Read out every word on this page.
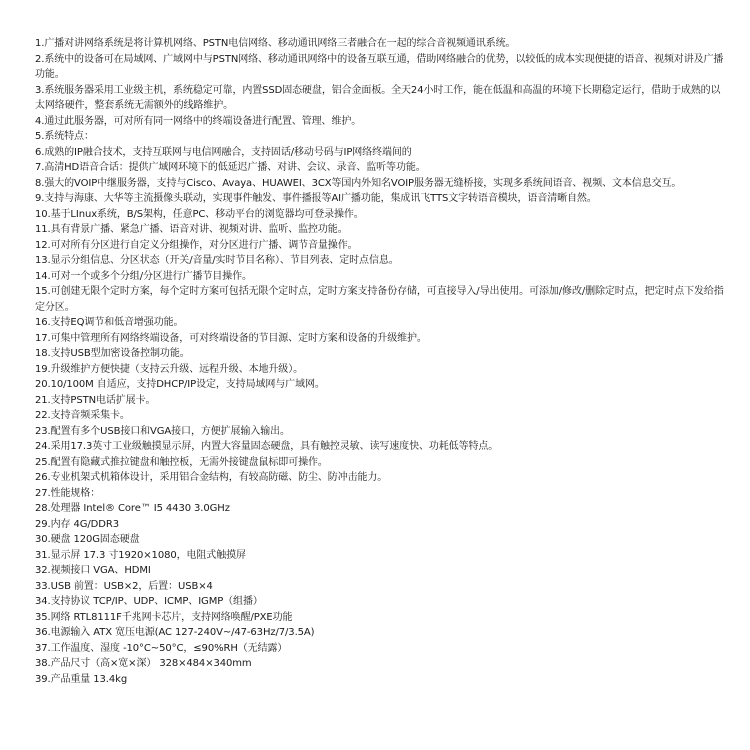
1.广播对讲网络系统是将计算机网络、PSTN电信网络、移动通讯网络三者融合在一起的综合音视频通讯系统。
2.系统中的设备可在局域网、广域网中与PSTN网络、移动通讯网络中的设备互联互通，借助网络融合的优势，以较低的成本实现便捷的语音、视频对讲及广播功能。
3.系统服务器采用工业级主机，系统稳定可靠，内置SSD固态硬盘，铝合金面板。全天24小时工作，能在低温和高温的环境下长期稳定运行，借助于成熟的以太网络硬件，整套系统无需额外的线路维护。
4.通过此服务器，可对所有同一网络中的终端设备进行配置、管理、维护。
5.系统特点：
6.成熟的IP融合技术，支持互联网与电信网融合，支持固话/移动号码与IP网络终端间的
7.高清HD语音合话：提供广域网环境下的低延迟广播、对讲、会议、录音、监听等功能。
8.强大的VOIP中继服务器，支持与Cisco、Avaya、HUAWEI、3CX等国内外知名VOIP服务器无缝桥接，实现多系统间语音、视频、文本信息交互。
9.支持与海康、大华等主流摄像头联动，实现事件触发、事件播报等AI广播功能，集成讯飞TTS文字转语音模块，语音清晰自然。
10.基于LInux系统，B/S架构，任意PC、移动平台的浏览器均可登录操作。
11.具有背景广播、紧急广播、语音对讲、视频对讲、监听、监控功能。
12.可对所有分区进行自定义分组操作，对分区进行广播、调节音量操作。
13.显示分组信息、分区状态（开关/音量/实时节目名称）、节目列表、定时点信息。
14.可对一个或多个分组/分区进行广播节目操作。
15.可创建无限个定时方案，每个定时方案可包括无限个定时点，定时方案支持备份存储，可直接导入/导出使用。可添加/修改/删除定时点，把定时点下发给指定分区。
16.支持EQ调节和低音增强功能。
17.可集中管理所有网络终端设备，可对终端设备的节目源、定时方案和设备的升级维护。
18.支持USB型加密设备控制功能。
19.升级维护方便快捷（支持云升级、远程升级、本地升级）。
20.10/100M 自适应，支持DHCP/IP设定，支持局域网与广域网。
21.支持PSTN电话扩展卡。
22.支持音频采集卡。
23.配置有多个USB接口和VGA接口，方便扩展输入输出。
24.采用17.3英寸工业级触摸显示屏，内置大容量固态硬盘，具有触控灵敏、读写速度快、功耗低等特点。
25.配置有隐藏式推拉键盘和触控板，无需外接键盘鼠标即可操作。
26.专业机架式机箱体设计，采用铝合金结构，有较高防磁、防尘、防冲击能力。
27.性能规格：
28.处理器 Intel® Core™ I5 4430 3.0GHz
29.内存 4G/DDR3
30.硬盘 120G固态硬盘
31.显示屏 17.3 寸1920×1080，电阻式触摸屏
32.视频接口 VGA、HDMI
33.USB 前置：USB×2，后置：USB×4
34.支持协议 TCP/IP、UDP、ICMP、IGMP（组播）
35.网络 RTL8111F千兆网卡芯片，支持网络唤醒/PXE功能
36.电源输入 ATX 宽压电源(AC 127-240V~/47-63Hz/7/3.5A)
37.工作温度、湿度 -10°C~50°C，≤90%RH（无结露）
38.产品尺寸（高×宽×深） 328×484×340mm
39.产品重量 13.4kg
